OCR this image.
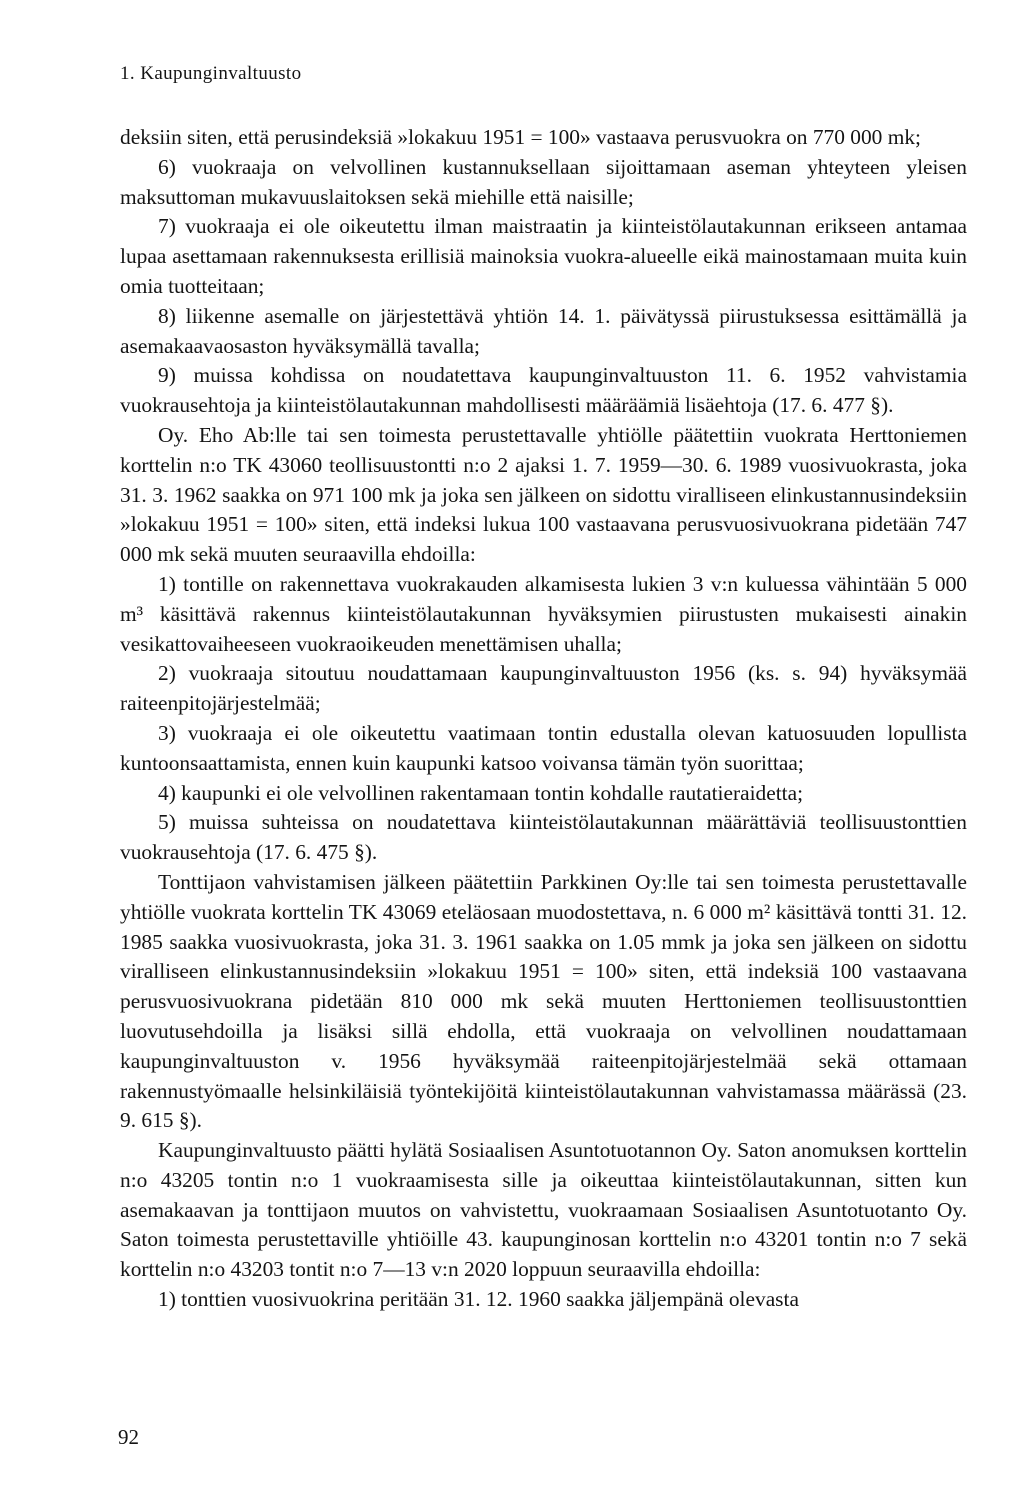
1. Kaupunginvaltuusto

deksiin siten, että perusindeksiä »lokakuu 1951 = 100» vastaava perusvuokra on 770 000 mk;

6) vuokraaja on velvollinen kustannuksellaan sijoittamaan aseman yhteyteen yleisen maksuttoman mukavuuslaitoksen sekä miehille että naisille;

7) vuokraaja ei ole oikeutettu ilman maistraatin ja kiinteistölautakunnan erikseen antamaa lupaa asettamaan rakennuksesta erillisiä mainoksia vuokra-alueelle eikä mainostamaan muita kuin omia tuotteitaan;

8) liikenne asemalle on järjestettävä yhtiön 14. 1. päivätyssä piirustuksessa esittämällä ja asemakaavaosaston hyväksymällä tavalla;

9) muissa kohdissa on noudatettava kaupunginvaltuuston 11. 6. 1952 vahvistamia vuokrausehtoja ja kiinteistölautakunnan mahdollisesti määräämiä lisäehtoja (17. 6. 477 §).

Oy. Eho Ab:lle tai sen toimesta perustettavalle yhtiölle päätettiin vuokrata Herttoniemen korttelin n:o TK 43060 teollisuustontti n:o 2 ajaksi 1. 7. 1959—30. 6. 1989 vuosivuokrasta, joka 31. 3. 1962 saakka on 971 100 mk ja joka sen jälkeen on sidottu viralliseen elinkustannusindeksiin »lokakuu 1951 = 100» siten, että indeksi lukua 100 vastaavana perusvuosivuokrana pidetään 747 000 mk sekä muuten seuraavilla ehdoilla:

1) tontille on rakennettava vuokrakauden alkamisesta lukien 3 v:n kuluessa vähintään 5 000 m³ käsittävä rakennus kiinteistölautakunnan hyväksymien piirustusten mukaisesti ainakin vesikattovaiheeseen vuokraoikeuden menettämisen uhalla;

2) vuokraaja sitoutuu noudattamaan kaupunginvaltuuston 1956 (ks. s. 94) hyväksymää raiteenpitojärjestelmää;

3) vuokraaja ei ole oikeutettu vaatimaan tontin edustalla olevan katuosuuden lopullista kuntoonsaattamista, ennen kuin kaupunki katsoo voivansa tämän työn suorittaa;

4) kaupunki ei ole velvollinen rakentamaan tontin kohdalle rautatieraidetta;

5) muissa suhteissa on noudatettava kiinteistölautakunnan määrättäviä teollisuustonttien vuokrausehtoja (17. 6. 475 §).

Tonttijaon vahvistamisen jälkeen päätettiin Parkkinen Oy:lle tai sen toimesta perustettavalle yhtiölle vuokrata korttelin TK 43069 eteläosaan muodostettava, n. 6 000 m² käsittävä tontti 31. 12. 1985 saakka vuosivuokrasta, joka 31. 3. 1961 saakka on 1.05 mmk ja joka sen jälkeen on sidottu viralliseen elinkustannusindeksiin »lokakuu 1951 = 100» siten, että indeksiä 100 vastaavana perusvuosivuokrana pidetään 810 000 mk sekä muuten Herttoniemen teollisuustonttien luovutusehdoilla ja lisäksi sillä ehdolla, että vuokraaja on velvollinen noudattamaan kaupunginvaltuuston v. 1956 hyväksymää raiteenpitojärjestelmää sekä ottamaan rakennustyömaalle helsinkiläisiä työntekijöitä kiinteistölautakunnan vahvistamassa määrässä (23. 9. 615 §).

Kaupunginvaltuusto päätti hylätä Sosiaalisen Asuntotuotannon Oy. Saton anomuksen korttelin n:o 43205 tontin n:o 1 vuokraamisesta sille ja oikeuttaa kiinteistölautakunnan, sitten kun asemakaavan ja tonttijaon muutos on vahvistettu, vuokraamaan Sosiaalisen Asuntotuotanto Oy. Saton toimesta perustettaville yhtiöille 43. kaupunginosan korttelin n:o 43201 tontin n:o 7 sekä korttelin n:o 43203 tontit n:o 7—13 v:n 2020 loppuun seuraavilla ehdoilla:

1) tonttien vuosivuokrina peritään 31. 12. 1960 saakka jäljempänä olevasta

92
